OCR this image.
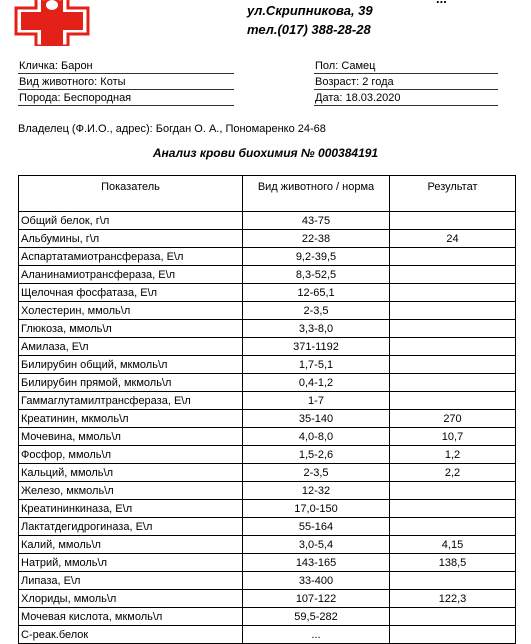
ул.Скрипникова, 39
тел.(017) 388-28-28
Кличка: Барон
Вид животного: Коты
Порода: Беспородная
Пол: Самец
Возраст: 2 года
Дата: 18.03.2020
Владелец (Ф.И.О., адрес): Богдан О. А., Пономаренко 24-68
Анализ крови биохимия № 000384191
Показатель	Вид животного / норма	Результат
Общий белок, г\л	43-75	
Альбумины, г\л	22-38	24
Аспартатамиотрансфераза, Е\л	9,2-39,5	
Аланинамиотрансфераза, Е\л	8,3-52,5	
Щелочная фосфатаза, Е\л	12-65,1	
Холестерин, ммоль\л	2-3,5	
Глюкоза, ммоль\л	3,3-8,0	
Амилаза, Е\л	371-1192	
Билирубин общий, мкмоль\л	1,7-5,1	
Билирубин прямой, мкмоль\л	0,4-1,2	
Гаммаглутамилтрансфераза, Е\л	1-7	
Креатинин, мкмоль\л	35-140	270
Мочевина, ммоль\л	4,0-8,0	10,7
Фосфор, ммоль\л	1,5-2,6	1,2
Кальций, ммоль\л	2-3,5	2,2
Железо, мкмоль\л	12-32	
Креатининкиназа, Е\л	17,0-150	
Лактатдегидрогиназа, Е\л	55-164	
Калий, ммоль\л	3,0-5,4	4,15
Натрий, ммоль\л	143-165	138,5
Липаза, Е\л	33-400	
Хлориды, ммоль\л	107-122	122,3
Мочевая кислота, мкмоль\л	59,5-282	
С-реак.белок	...	
